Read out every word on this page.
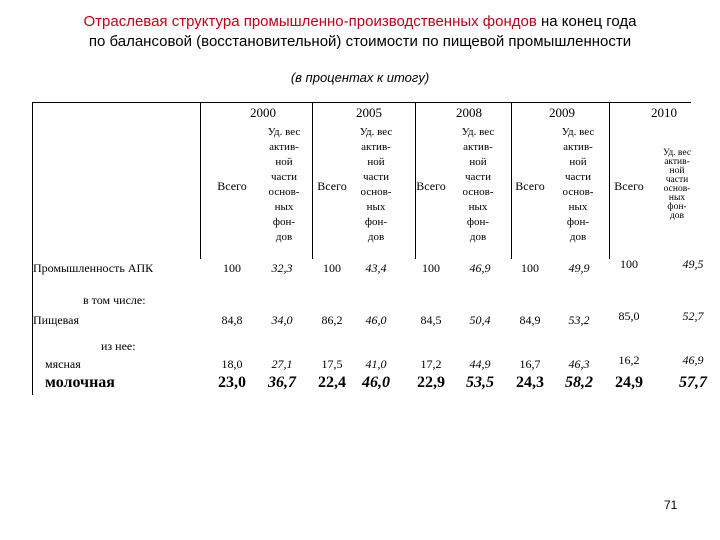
Отраслевая структура промышленно-производственных фондов на конец года
по балансовой (восстановительной) стоимости по пищевой промышленности
(в процентах к итогу)
2000	2005	2008	2009	2010
Всего
Уд. вес
актив-
ной
части
основ-
ных
фон-
дов
Всего
Уд. вес
актив-
ной
части
основ-
ных
фон-
дов
Всего
Уд. вес
актив-
ной
части
основ-
ных
фон-
дов
Всего
Уд. вес
актив-
ной
части
основ-
ных
фон-
дов
Всего
Уд. вес
актив-
ной
части
основ-
ных
фон-
дов
Промышленность АПК	100	32,3	100	43,4	100	46,9	100	49,9	100	49,5
в том числе:
Пищевая	84,8	34,0	86,2	46,0	84,5	50,4	84,9	53,2	85,0	52,7
из нее:
мясная	18,0	27,1	17,5	41,0	17,2	44,9	16,7	46,3	16,2	46,9
молочная	23,0	36,7	22,4	46,0	22,9	53,5	24,3	58,2	24,9	57,7
71
